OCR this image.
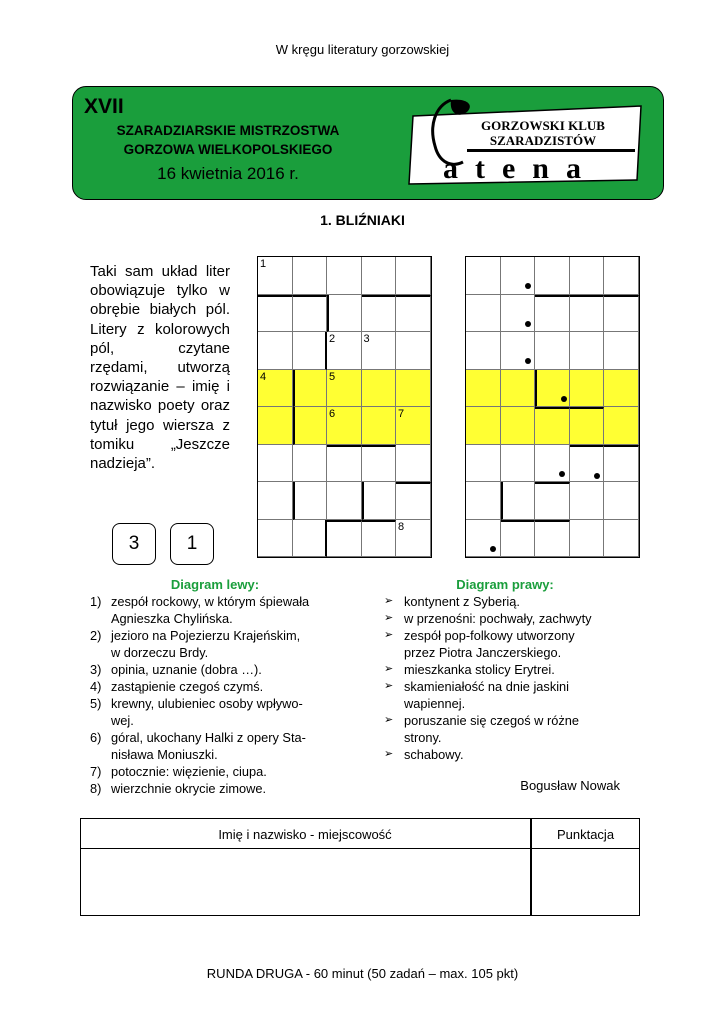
W kręgu literatury gorzowskiej
XVII
SZARADZIARSKIE MISTRZOSTWA
GORZOWA WIELKOPOLSKIEGO
16 kwietnia 2016 r.
GORZOWSKI KLUB
SZARADZISTÓW
atena
1. BLIŹNIAKI
Taki sam układ liter obowiązuje tylko w obrębie białych pól. Litery z kolorowych pól, czytane rzędami, utworzą rozwiązanie – imię i nazwisko poety oraz tytuł jego wiersza z tomiku „Jeszcze nadzieja”.
3	1
1
2	3
4	5
6	7
8
Diagram lewy:	Diagram prawy:
1) zespół rockowy, w którym śpiewała
Agnieszka Chylińska.
2) jezioro na Pojezierzu Krajeńskim,
w dorzeczu Brdy.
3) opinia, uznanie (dobra …).
4) zastąpienie czegoś czymś.
5) krewny, ulubieniec osoby wpływo-
wej.
6) góral, ukochany Halki z opery Sta-
nisława Moniuszki.
7) potocznie: więzienie, ciupa.
8) wierzchnie okrycie zimowe.
➢ kontynent z Syberią.
➢ w przenośni: pochwały, zachwyty
➢ zespół pop-folkowy utworzony
przez Piotra Janczerskiego.
➢ mieszkanka stolicy Erytrei.
➢ skamieniałość na dnie jaskini
wapiennej.
➢ poruszanie się czegoś w różne
strony.
➢ schabowy.
Bogusław Nowak
Imię i nazwisko - miejscowość	Punktacja
RUNDA DRUGA - 60 minut (50 zadań – max. 105 pkt)
